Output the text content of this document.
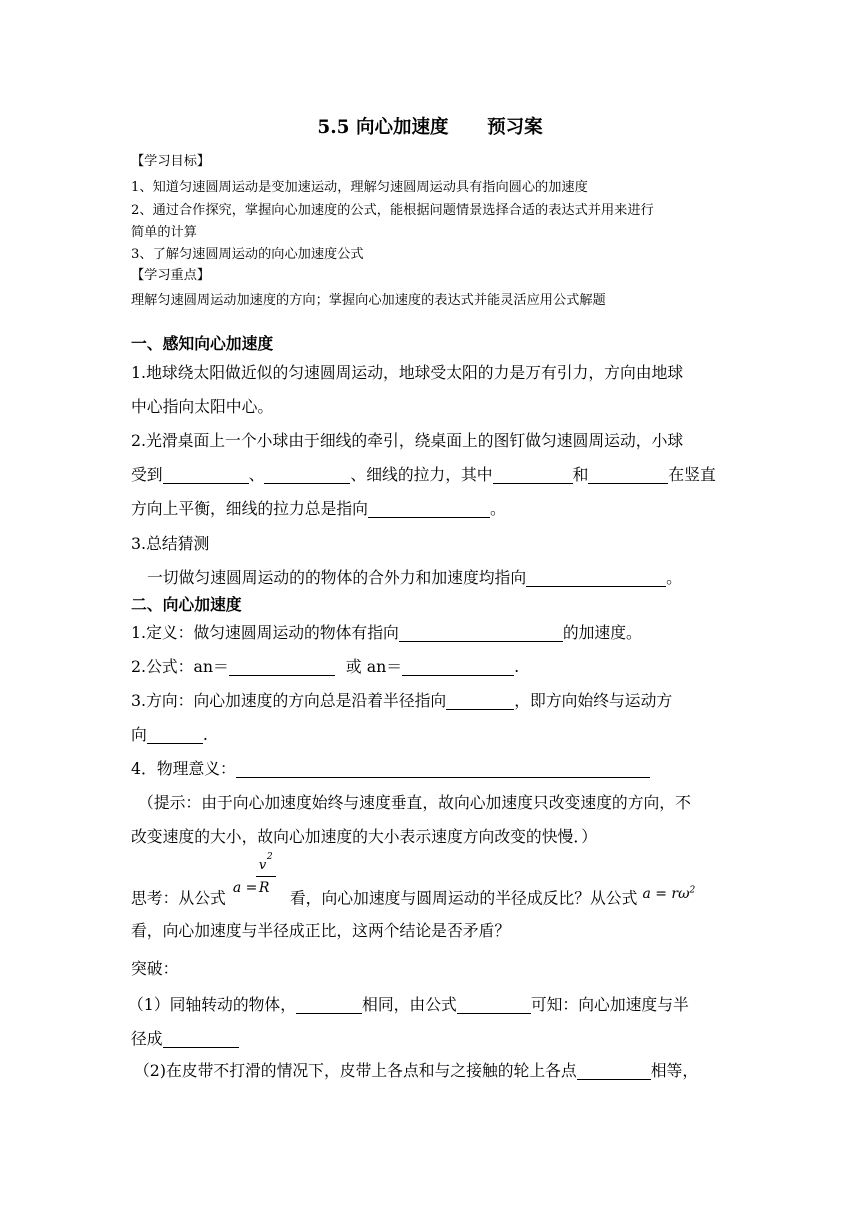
5.5 向心加速度      预习案
【学习目标】
1、知道匀速圆周运动是变加速运动，理解匀速圆周运动具有指向圆心的加速度
2、通过合作探究，掌握向心加速度的公式，能根据问题情景选择合适的表达式并用来进行
简单的计算
3、了解匀速圆周运动的向心加速度公式
【学习重点】
理解匀速圆周运动加速度的方向；掌握向心加速度的表达式并能灵活应用公式解题
一、感知向心加速度
1.地球绕太阳做近似的匀速圆周运动，地球受太阳的力是万有引力，方向由地球
中心指向太阳中心。
2.光滑桌面上一个小球由于细线的牵引，绕桌面上的图钉做匀速圆周运动，小球
受到	、	、细线的拉力，其中	和	在竖直
方向上平衡，细线的拉力总是指向	。
3.总结猜测
一切做匀速圆周运动的的物体的合外力和加速度均指向	。
二、向心加速度
1.定义：做匀速圆周运动的物体有指向	的加速度。
2.公式：an＝	或 an＝	.
3.方向：向心加速度的方向总是沿着半径指向	，即方向始终与运动方
向	.
4．物理意义：
（提示：由于向心加速度始终与速度垂直，故向心加速度只改变速度的方向，不
改变速度的大小，故向心加速度的大小表示速度方向改变的快慢．）
思考：从公式
a =
v
2
R
看，向心加速度与圆周运动的半径成反比？从公式 $a = r\omega^2$
看，向心加速度与半径成正比，这两个结论是否矛盾？
突破：
（1）同轴转动的物体，	相同，由公式	可知：向心加速度与半
径成
（2)在皮带不打滑的情况下，皮带上各点和与之接触的轮上各点	相等，
